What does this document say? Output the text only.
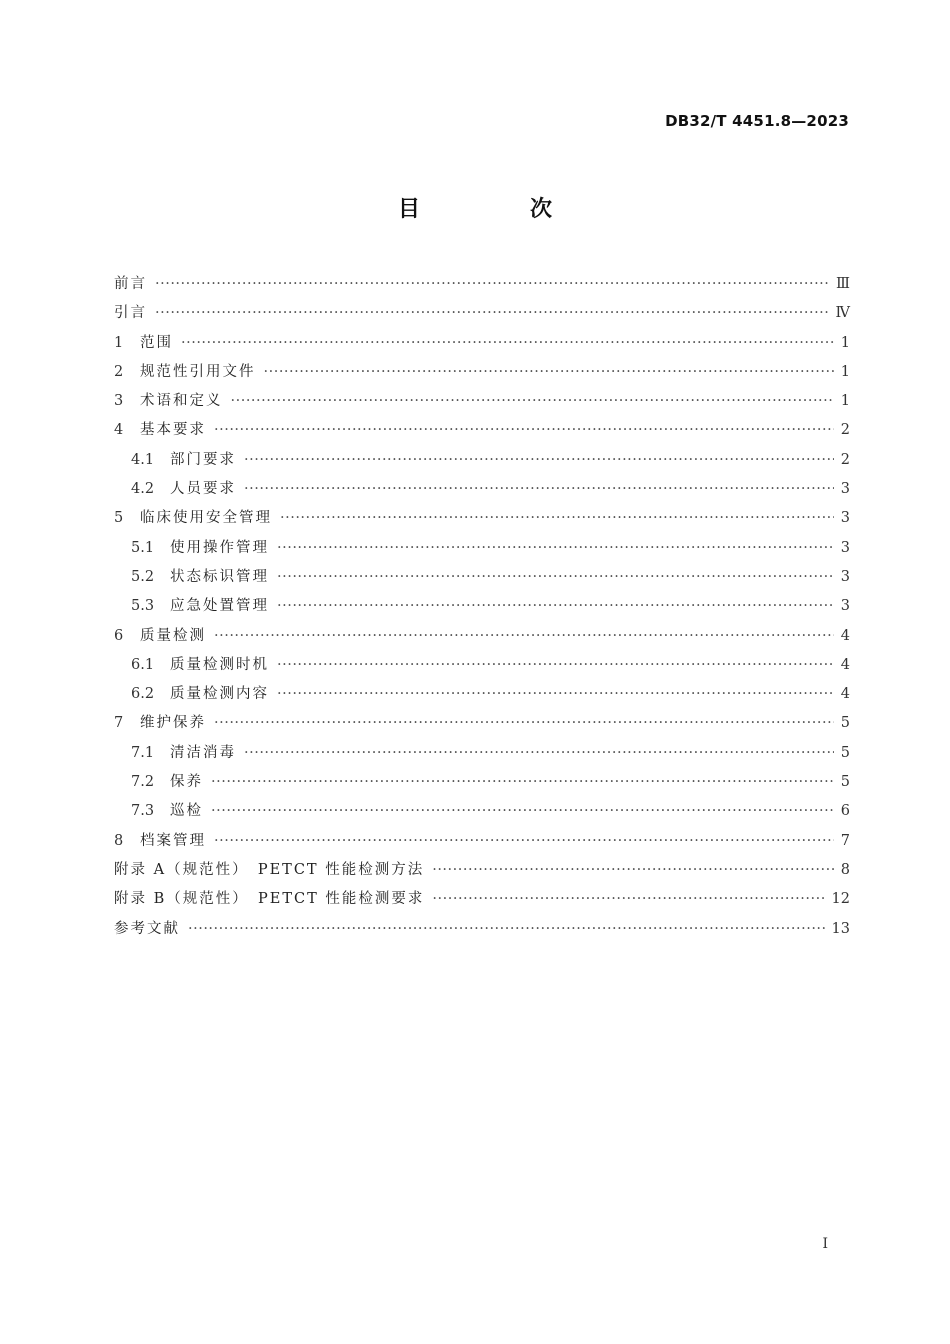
DB32/T 4451.8—2023
目　次
前言 ·····	Ⅲ
引言 ·····	Ⅳ
1	范围 ·····	1
2	规范性引用文件 ·····	1
3	术语和定义 ·····	1
4	基本要求 ·····	2
4.1	部门要求 ·····	2
4.2	人员要求 ·····	3
5	临床使用安全管理 ·····	3
5.1	使用操作管理 ·····	3
5.2	状态标识管理 ·····	3
5.3	应急处置管理 ·····	3
6	质量检测 ·····	4
6.1	质量检测时机 ·····	4
6.2	质量检测内容 ·····	4
7	维护保养 ·····	5
7.1	清洁消毒 ·····	5
7.2	保养 ·····	5
7.3	巡检 ·····	6
8	档案管理 ·····	7
附录 A（规范性）　PETCT 性能检测方法 ·····	8
附录 B（规范性）　PETCT 性能检测要求 ·····	12
参考文献 ·····	13
Ⅰ
